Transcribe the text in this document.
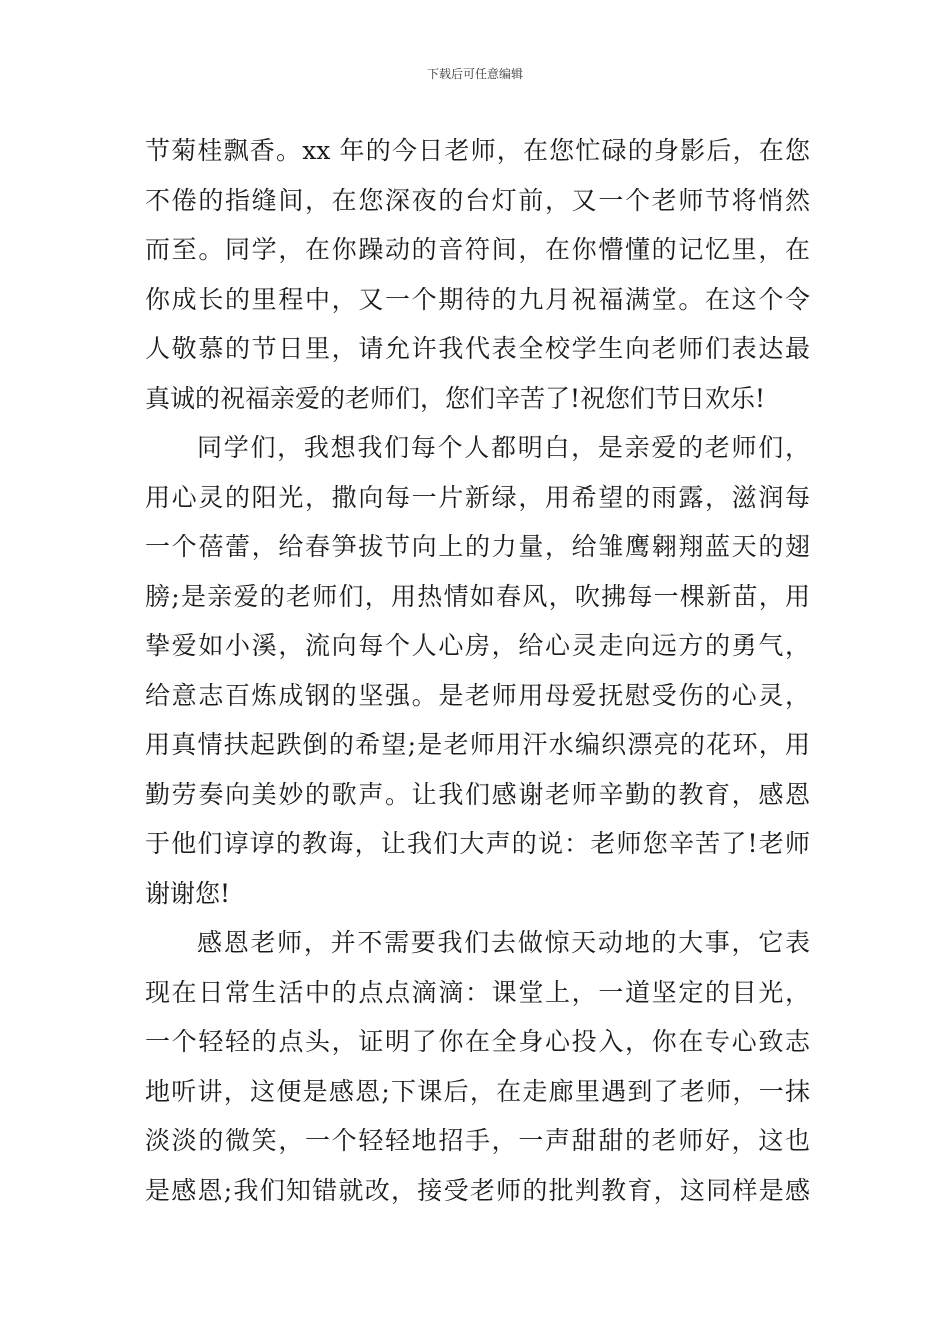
下载后可任意编辑
节菊桂飘香。xx 年的今日老师，在您忙碌的身影后，在您
不倦的指缝间，在您深夜的台灯前，又一个老师节将悄然
而至。同学，在你躁动的音符间，在你懵懂的记忆里，在
你成长的里程中，又一个期待的九月祝福满堂。在这个令
人敬慕的节日里，请允许我代表全校学生向老师们表达最
真诚的祝福亲爱的老师们，您们辛苦了!祝您们节日欢乐!
同学们，我想我们每个人都明白，是亲爱的老师们，
用心灵的阳光，撒向每一片新绿，用希望的雨露，滋润每
一个蓓蕾，给春笋拔节向上的力量，给雏鹰翱翔蓝天的翅
膀;是亲爱的老师们，用热情如春风，吹拂每一棵新苗，用
挚爱如小溪，流向每个人心房，给心灵走向远方的勇气，
给意志百炼成钢的坚强。是老师用母爱抚慰受伤的心灵，
用真情扶起跌倒的希望;是老师用汗水编织漂亮的花环，用
勤劳奏向美妙的歌声。让我们感谢老师辛勤的教育，感恩
于他们谆谆的教诲，让我们大声的说：老师您辛苦了!老师
谢谢您!
感恩老师，并不需要我们去做惊天动地的大事，它表
现在日常生活中的点点滴滴：课堂上，一道坚定的目光，
一个轻轻的点头，证明了你在全身心投入，你在专心致志
地听讲，这便是感恩;下课后，在走廊里遇到了老师，一抹
淡淡的微笑，一个轻轻地招手，一声甜甜的老师好，这也
是感恩;我们知错就改，接受老师的批判教育，这同样是感
